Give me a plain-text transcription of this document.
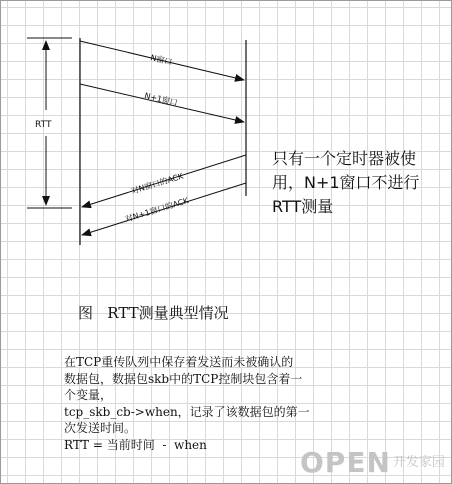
RTT
N窗口
N+1窗口
对N窗口的ACK
对N+1窗口的ACK

只有一个定时器被使
用，N+1窗口不进行
RTT测量

图   RTT测量典型情况

在TCP重传队列中保存着发送而未被确认的
数据包，数据包skb中的TCP控制块包含着一
个变量，
tcp_skb_cb->when，记录了该数据包的第一
次发送时间。
RTT = 当前时间  -  when
OPEN 开发家园
